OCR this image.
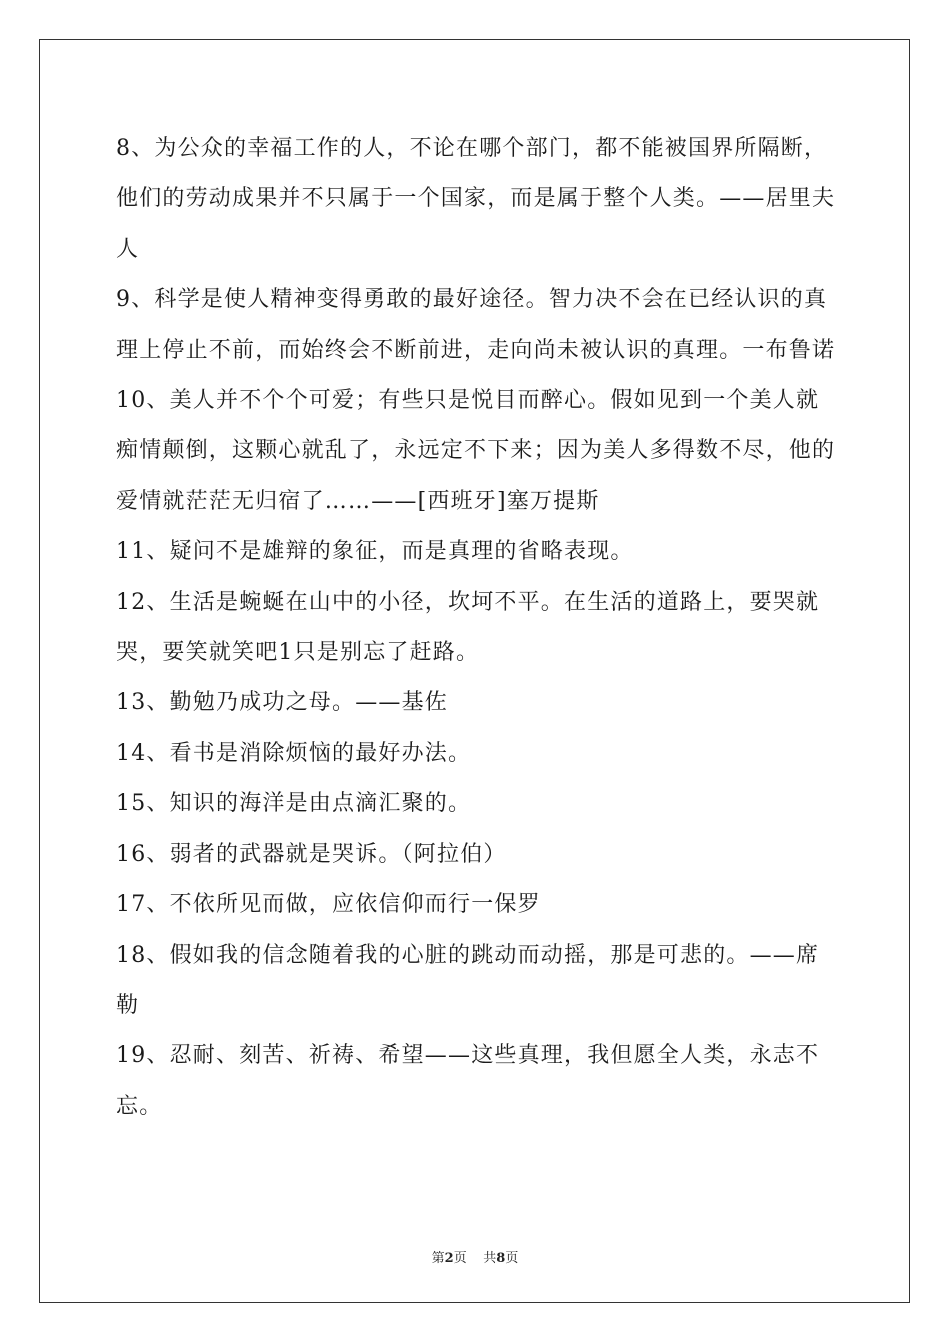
8、为公众的幸福工作的人，不论在哪个部门，都不能被国界所隔断，他们的劳动成果并不只属于一个国家，而是属于整个人类。——居里夫人

9、科学是使人精神变得勇敢的最好途径。智力决不会在已经认识的真理上停止不前，而始终会不断前进，走向尚未被认识的真理。一布鲁诺

10、美人并不个个可爱；有些只是悦目而醉心。假如见到一个美人就痴情颠倒，这颗心就乱了，永远定不下来；因为美人多得数不尽，他的爱情就茫茫无归宿了……——[西班牙]塞万提斯

11、疑问不是雄辩的象征，而是真理的省略表现。

12、生活是蜿蜒在山中的小径，坎坷不平。在生活的道路上，要哭就哭，要笑就笑吧1只是别忘了赶路。

13、勤勉乃成功之母。——基佐

14、看书是消除烦恼的最好办法。

15、知识的海洋是由点滴汇聚的。

16、弱者的武器就是哭诉。（阿拉伯）

17、不依所见而做，应依信仰而行一保罗

18、假如我的信念随着我的心脏的跳动而动摇，那是可悲的。——席勒

19、忍耐、刻苦、祈祷、希望——这些真理，我但愿全人类，永志不忘。

第2页 共8页
